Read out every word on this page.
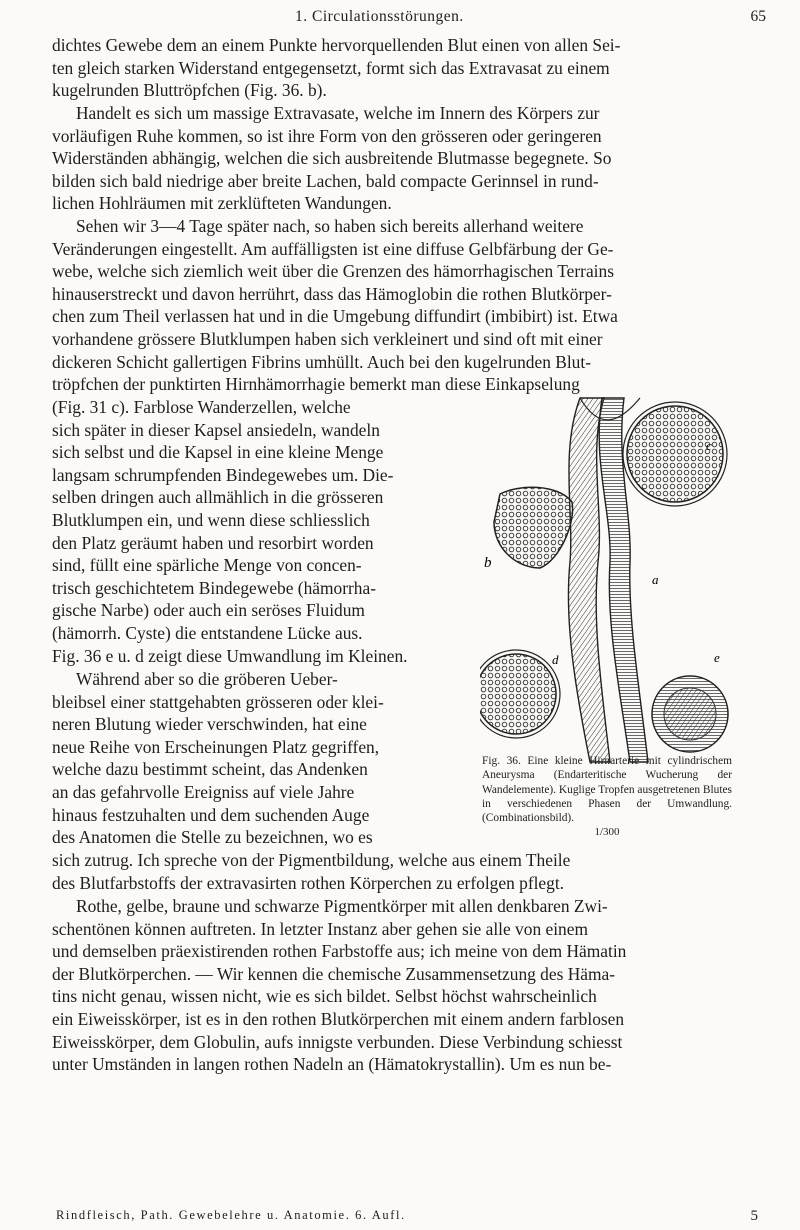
1. Circulationsstörungen.	65

dichtes Gewebe dem an einem Punkte hervorquellenden Blut einen von allen Sei-

ten gleich starken Widerstand entgegensetzt, formt sich das Extravasat zu einem

kugelrunden Bluttröpfchen (Fig. 36. b).

Handelt es sich um massige Extravasate, welche im Innern des Körpers zur

vorläufigen Ruhe kommen, so ist ihre Form von den grösseren oder geringeren

Widerständen abhängig, welchen die sich ausbreitende Blutmasse begegnete. So

bilden sich bald niedrige aber breite Lachen, bald compacte Gerinnsel in rund-

lichen Hohlräumen mit zerklüfteten Wandungen.

Sehen wir 3—4 Tage später nach, so haben sich bereits allerhand weitere

Veränderungen eingestellt. Am auffälligsten ist eine diffuse Gelbfärbung der Ge-

webe, welche sich ziemlich weit über die Grenzen des hämorrhagischen Terrains

hinauserstreckt und davon herrührt, dass das Hämoglobin die rothen Blutkörper-

chen zum Theil verlassen hat und in die Umgebung diffundirt (imbibirt) ist. Etwa

vorhandene grössere Blutklumpen haben sich verkleinert und sind oft mit einer

dickeren Schicht gallertigen Fibrins umhüllt. Auch bei den kugelrunden Blut-

tröpfchen der punktirten Hirnhämorrhagie bemerkt man diese Einkapselung

(Fig. 31 c). Farblose Wanderzellen, welche

sich später in dieser Kapsel ansiedeln, wandeln

sich selbst und die Kapsel in eine kleine Menge

langsam schrumpfenden Bindegewebes um. Die-

selben dringen auch allmählich in die grösseren

Blutklumpen ein, und wenn diese schliesslich

den Platz geräumt haben und resorbirt worden

sind, füllt eine spärliche Menge von concen-

trisch geschichtetem Bindegewebe (hämorrha-

gische Narbe) oder auch ein seröses Fluidum

(hämorrh. Cyste) die entstandene Lücke aus.

Fig. 36 e u. d zeigt diese Umwandlung im Kleinen.

Während aber so die gröberen Ueber-

bleibsel einer stattgehabten grösseren oder klei-

neren Blutung wieder verschwinden, hat eine

neue Reihe von Erscheinungen Platz gegriffen,

welche dazu bestimmt scheint, das Andenken

an das gefahrvolle Ereigniss auf viele Jahre

hinaus festzuhalten und dem suchenden Auge

des Anatomen die Stelle zu bezeichnen, wo es

sich zutrug. Ich spreche von der Pigmentbildung, welche aus einem Theile

des Blutfarbstoffs der extravasirten rothen Körperchen zu erfolgen pflegt.

Rothe, gelbe, braune und schwarze Pigmentkörper mit allen denkbaren Zwi-

schentönen können auftreten. In letzter Instanz aber gehen sie alle von einem

und demselben präexistirenden rothen Farbstoffe aus; ich meine von dem Hämatin

der Blutkörperchen. — Wir kennen die chemische Zusammensetzung des Häma-

tins nicht genau, wissen nicht, wie es sich bildet. Selbst höchst wahrscheinlich

ein Eiweisskörper, ist es in den rothen Blutkörperchen mit einem andern farblosen

Eiweisskörper, dem Globulin, aufs innigste verbunden. Diese Verbindung schiesst

unter Umständen in langen rothen Nadeln an (Hämatokrystallin). Um es nun be-

c
b
a
d	e
Fig. 36. Eine kleine Hirnarterie mit cylindrischem Aneurysma (Endarteritische Wucherung der Wandelemente). Kuglige Tropfen ausgetretenen Blutes in verschiedenen Phasen der Umwandlung. (Combinationsbild).
1/300
Rindfleisch, Path. Gewebelehre u. Anatomie. 6. Aufl.	5
